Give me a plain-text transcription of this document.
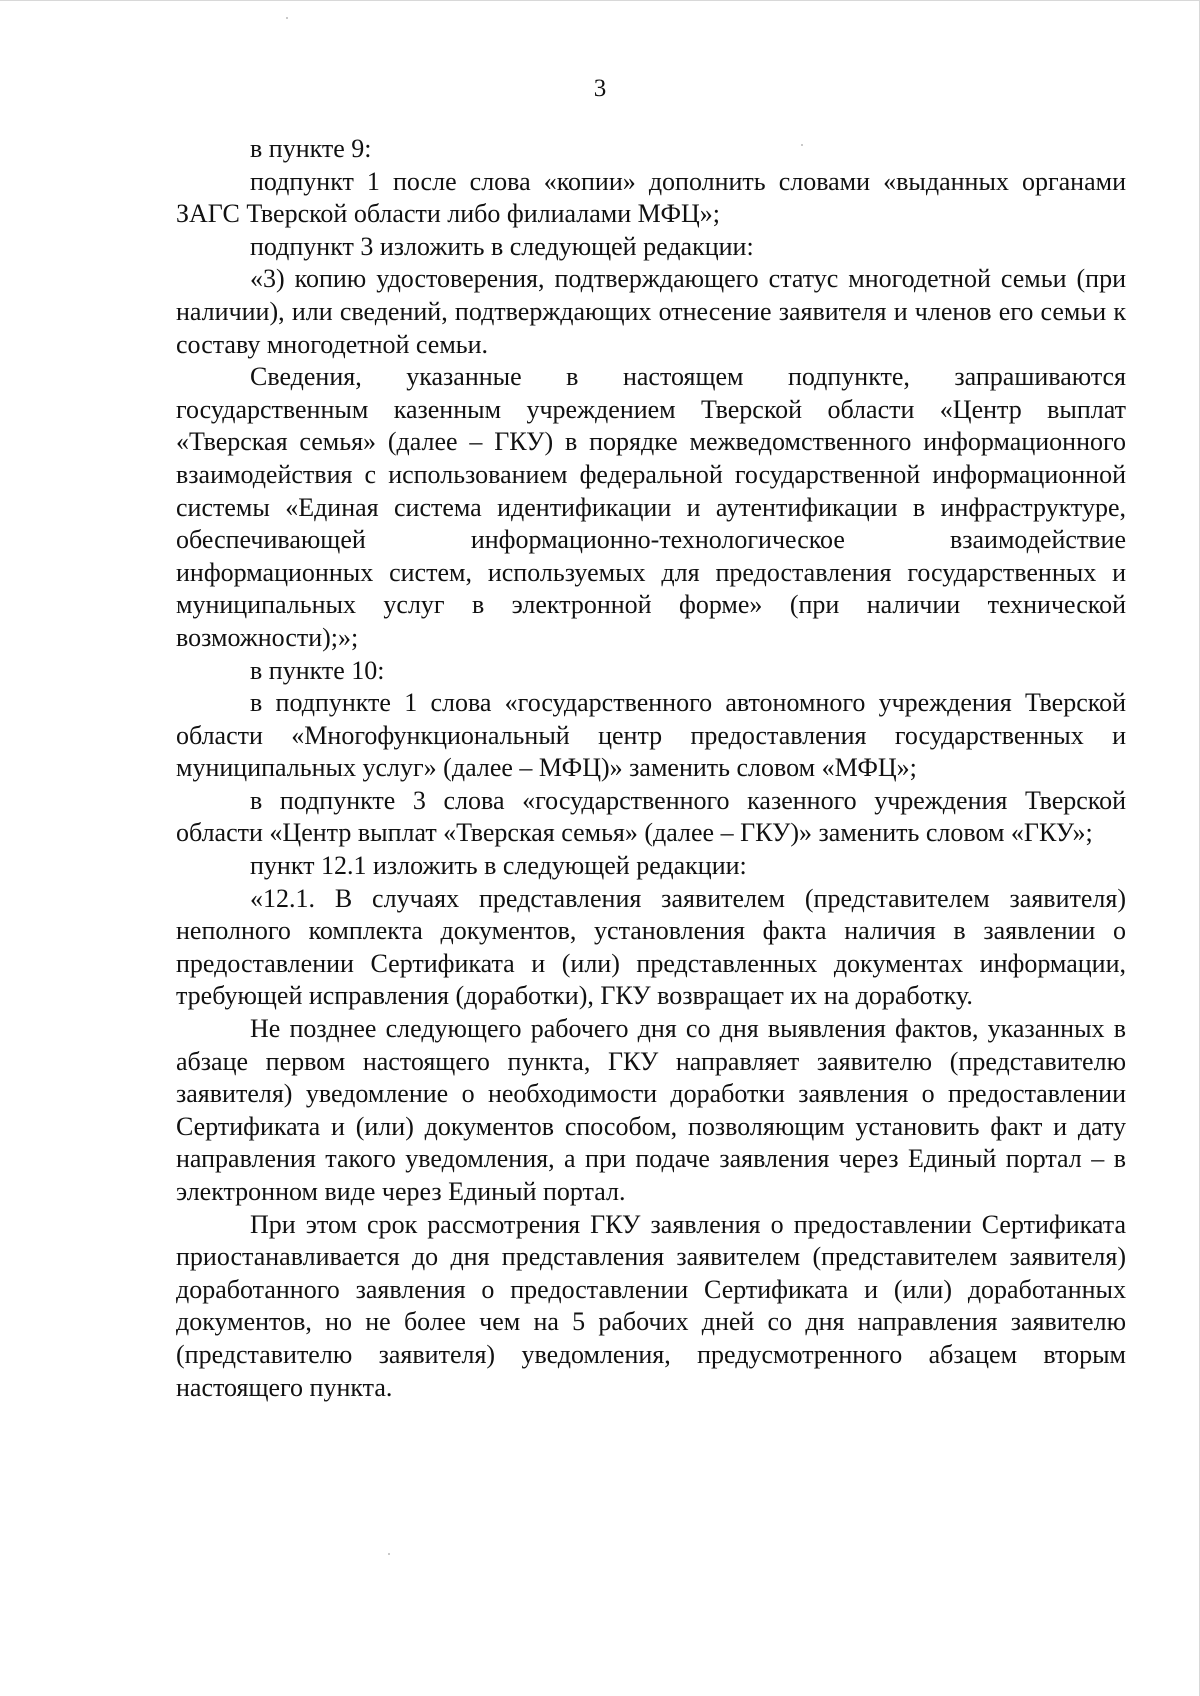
3

в пункте 9:

подпункт 1 после слова «копии» дополнить словами «выданных органами ЗАГС Тверской области либо филиалами МФЦ»;

подпункт 3 изложить в следующей редакции:

«3) копию удостоверения, подтверждающего статус многодетной семьи (при наличии), или сведений, подтверждающих отнесение заявителя и членов его семьи к составу многодетной семьи.

Сведения, указанные в настоящем подпункте, запрашиваются государственным казенным учреждением Тверской области «Центр выплат «Тверская семья» (далее – ГКУ) в порядке межведомственного информационного взаимодействия с использованием федеральной государственной информационной системы «Единая система идентификации и аутентификации в инфраструктуре, обеспечивающей информационно-технологическое взаимодействие информационных систем, используемых для предоставления государственных и муниципальных услуг в электронной форме» (при наличии технической возможности);»;

в пункте 10:

в подпункте 1 слова «государственного автономного учреждения Тверской области «Многофункциональный центр предоставления государственных и муниципальных услуг» (далее – МФЦ)» заменить словом «МФЦ»;

в подпункте 3 слова «государственного казенного учреждения Тверской области «Центр выплат «Тверская семья» (далее – ГКУ)» заменить словом «ГКУ»;

пункт 12.1 изложить в следующей редакции:

«12.1. В случаях представления заявителем (представителем заявителя) неполного комплекта документов, установления факта наличия в заявлении о предоставлении Сертификата и (или) представленных документах информации, требующей исправления (доработки), ГКУ возвращает их на доработку.

Не позднее следующего рабочего дня со дня выявления фактов, указанных в абзаце первом настоящего пункта, ГКУ направляет заявителю (представителю заявителя) уведомление о необходимости доработки заявления о предоставлении Сертификата и (или) документов способом, позволяющим установить факт и дату направления такого уведомления, а при подаче заявления через Единый портал – в электронном виде через Единый портал.

При этом срок рассмотрения ГКУ заявления о предоставлении Сертификата приостанавливается до дня представления заявителем (представителем заявителя) доработанного заявления о предоставлении Сертификата и (или) доработанных документов, но не более чем на 5 рабочих дней со дня направления заявителю (представителю заявителя) уведомления, предусмотренного абзацем вторым настоящего пункта.
